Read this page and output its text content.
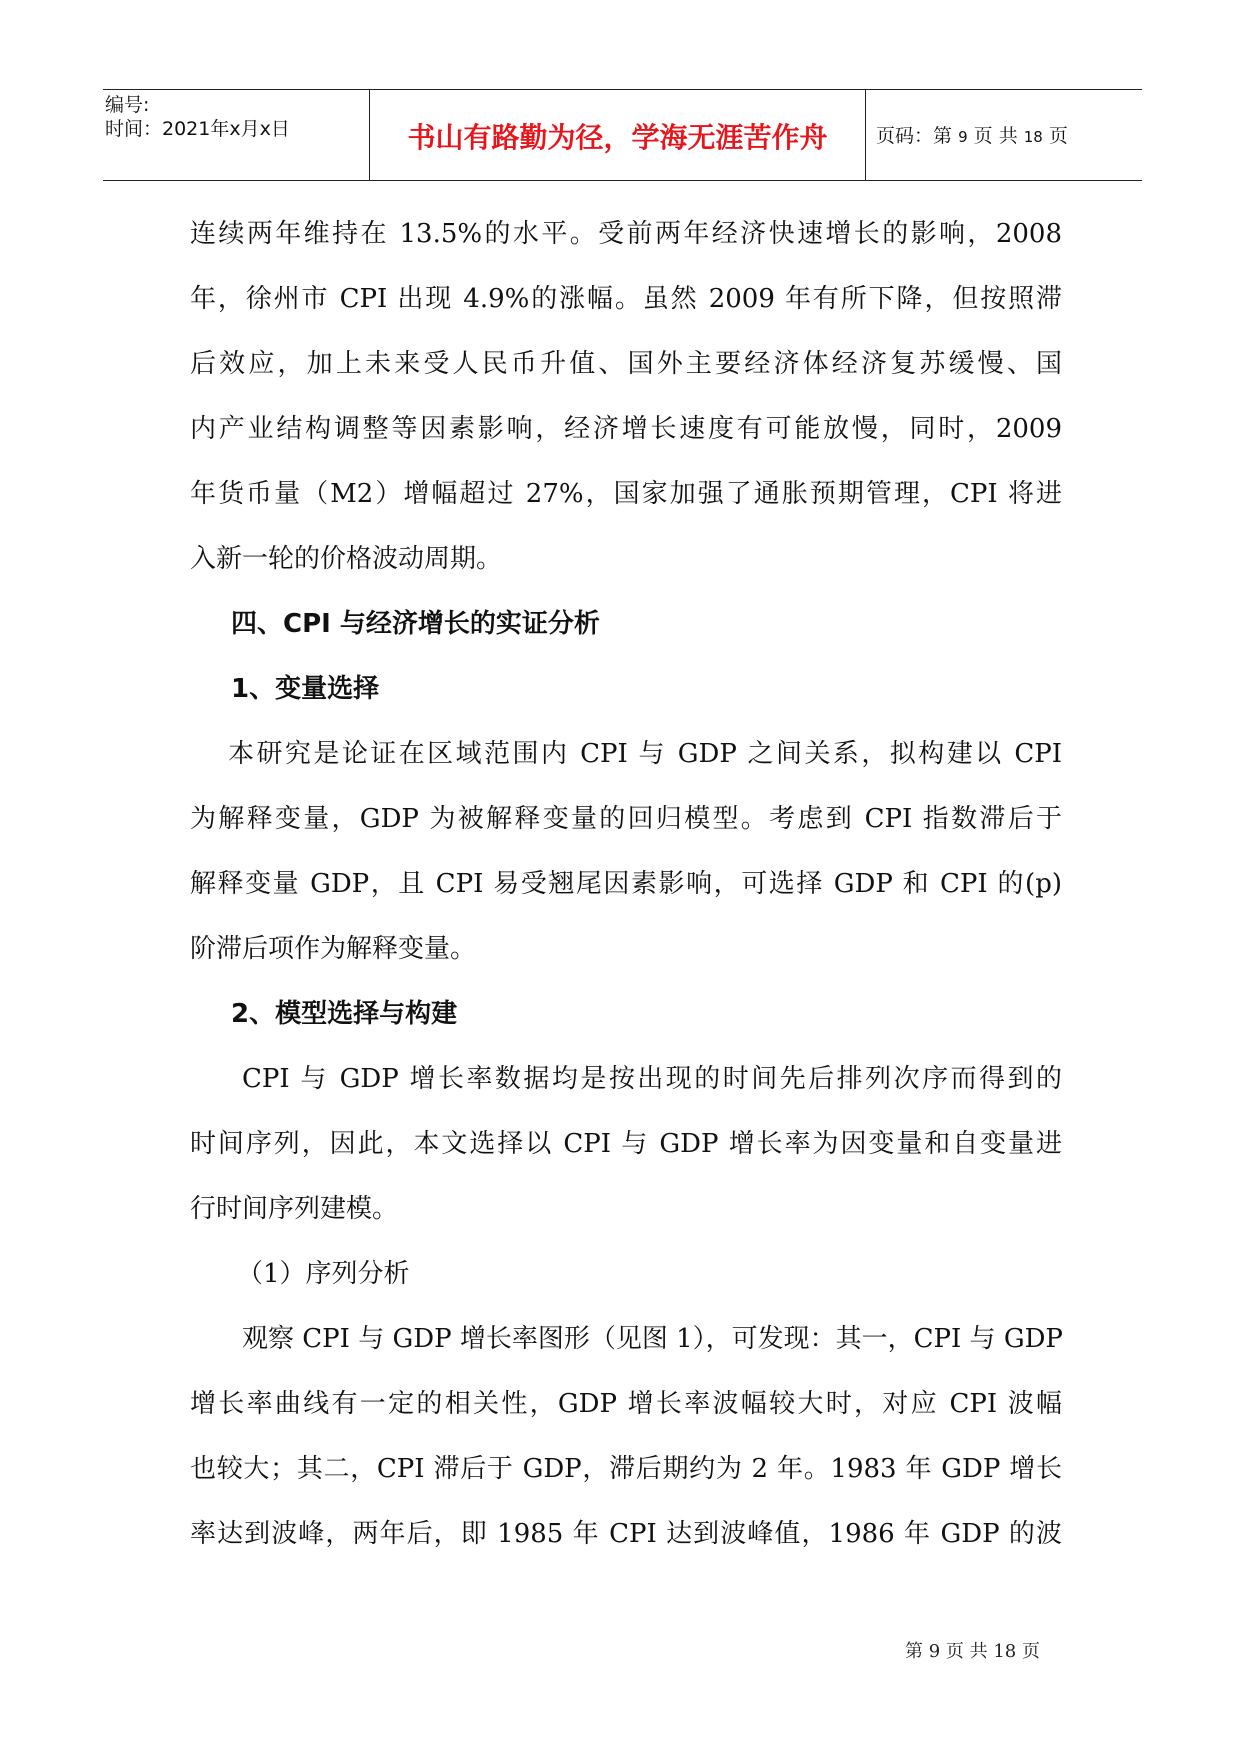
编号:
时间：2021年x月x日	书山有路勤为径，学海无涯苦作舟	页码：第 9 页 共 18 页
连续两年维持在 13.5%的水平。受前两年经济快速增长的影响，2008
年，徐州市 CPI 出现 4.9%的涨幅。虽然 2009 年有所下降，但按照滞
后效应，加上未来受人民币升值、国外主要经济体经济复苏缓慢、国
内产业结构调整等因素影响，经济增长速度有可能放慢，同时，2009
年货币量（M2）增幅超过 27%，国家加强了通胀预期管理，CPI 将进
入新一轮的价格波动周期。
四、CPI 与经济增长的实证分析
1、变量选择
本研究是论证在区域范围内 CPI 与 GDP 之间关系，拟构建以 CPI
为解释变量，GDP 为被解释变量的回归模型。考虑到 CPI 指数滞后于
解释变量 GDP，且 CPI 易受翘尾因素影响，可选择 GDP 和 CPI 的(p)
阶滞后项作为解释变量。
2、模型选择与构建
CPI 与 GDP 增长率数据均是按出现的时间先后排列次序而得到的
时间序列，因此，本文选择以 CPI 与 GDP 增长率为因变量和自变量进
行时间序列建模。
（1）序列分析
观察 CPI 与 GDP 增长率图形（见图 1），可发现：其一，CPI 与 GDP
增长率曲线有一定的相关性，GDP 增长率波幅较大时，对应 CPI 波幅
也较大；其二，CPI 滞后于 GDP，滞后期约为 2 年。1983 年 GDP 增长
率达到波峰，两年后，即 1985 年 CPI 达到波峰值，1986 年 GDP 的波
第 9 页 共 18 页
